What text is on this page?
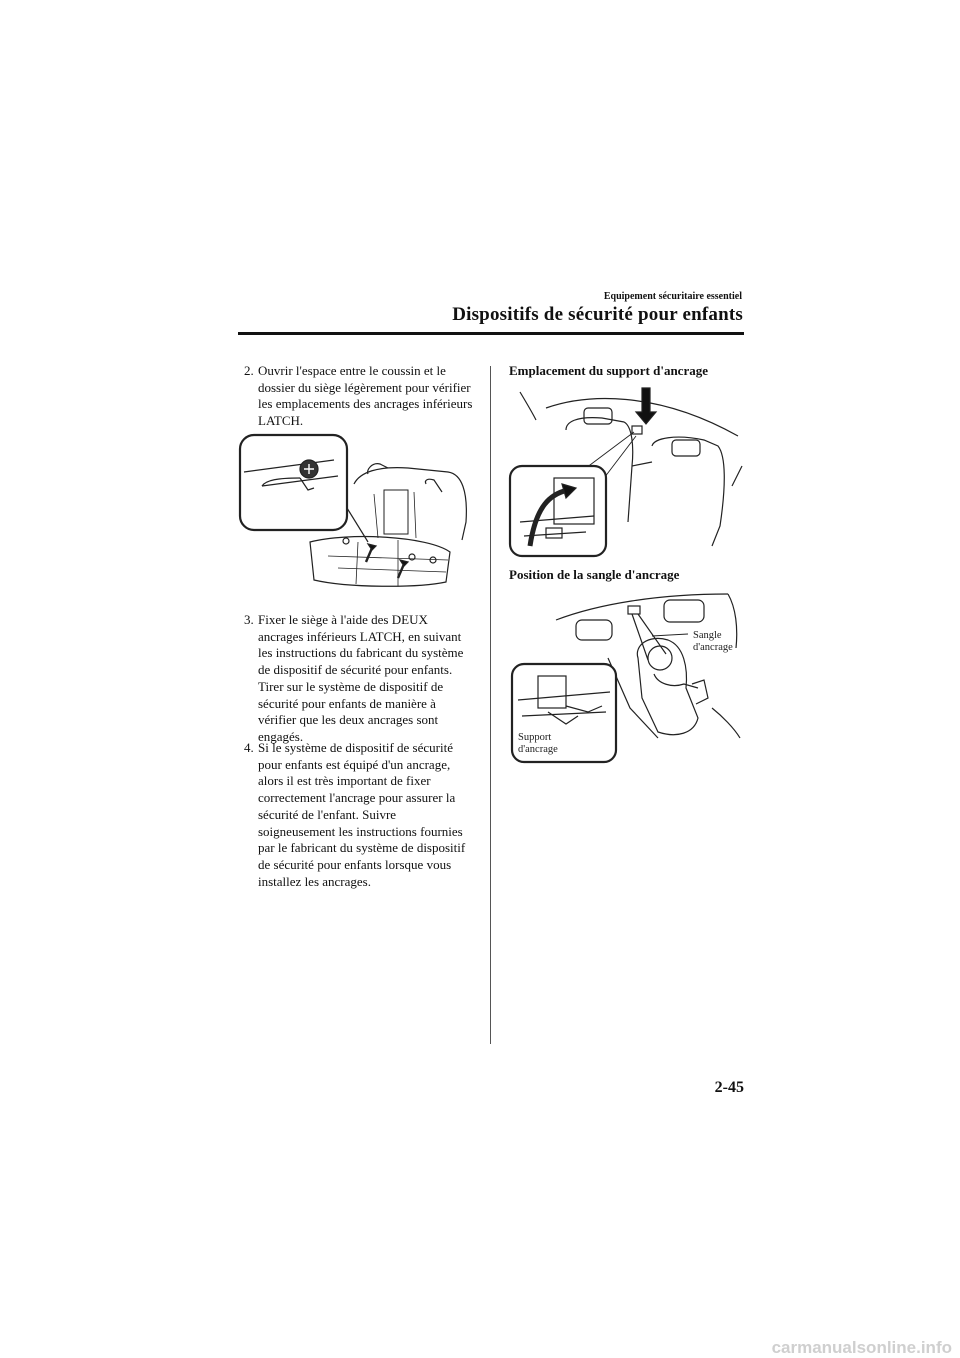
Equipement sécuritaire essentiel
Dispositifs de sécurité pour enfants
2. Ouvrir l'espace entre le coussin et le dossier du siège légèrement pour vérifier les emplacements des ancrages inférieurs LATCH.
3. Fixer le siège à l'aide des DEUX ancrages inférieurs LATCH, en suivant les instructions du fabricant du système de dispositif de sécurité pour enfants. Tirer sur le système de dispositif de sécurité pour enfants de manière à vérifier que les deux ancrages sont engagés.
4. Si le système de dispositif de sécurité pour enfants est équipé d'un ancrage, alors il est très important de fixer correctement l'ancrage pour assurer la sécurité de l'enfant. Suivre soigneusement les instructions fournies par le fabricant du système de dispositif de sécurité pour enfants lorsque vous installez les ancrages.
Emplacement du support d'ancrage
Position de la sangle d'ancrage
Sangle
d'ancrage
Support
d'ancrage
2-45
carmanualsonline.info
